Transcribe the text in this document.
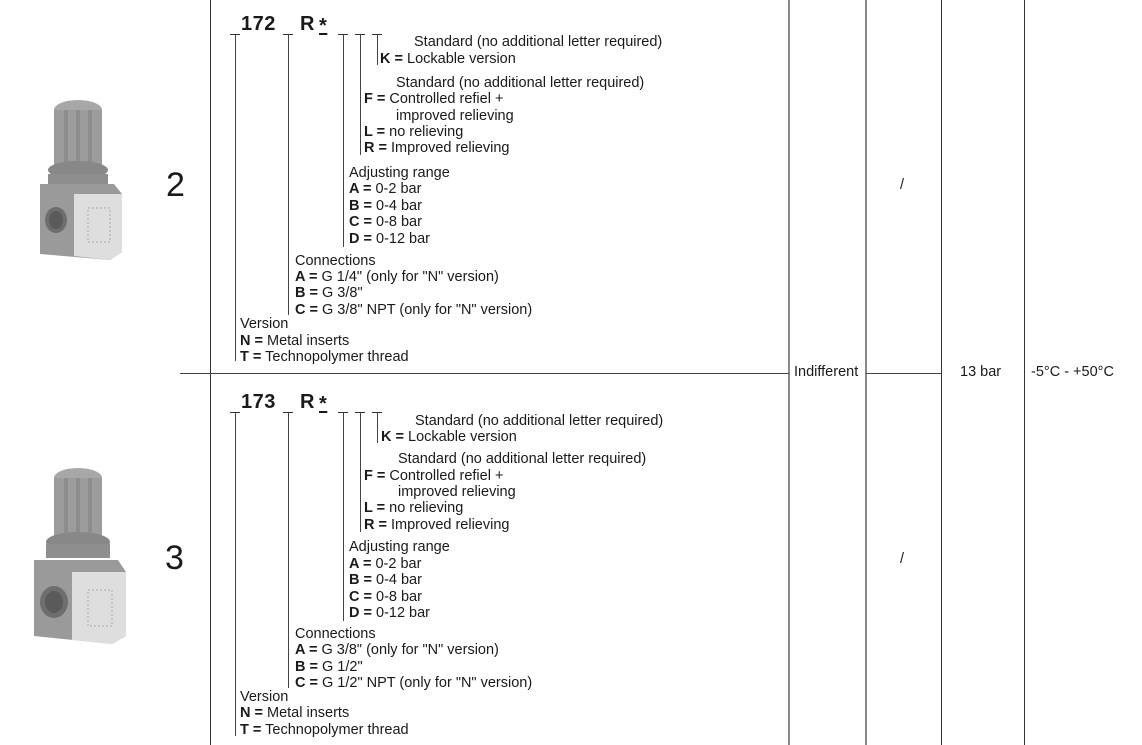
Indifferent	13 bar -5°C - +50°C
2
172 R *
Standard (no additional letter required)
K = Lockable version
Standard (no additional letter required)
F = Controlled refiel +
improved relieving
L = no relieving
R = Improved relieving
Adjusting range
A = 0-2 bar
B = 0-4 bar
C = 0-8 bar
D = 0-12 bar
Connections
A = G 1/4" (only for "N" version)
B = G 3/8"
C = G 3/8" NPT (only for "N" version)
Version
N = Metal inserts
T = Technopolymer thread
/
3
173 R *
Standard (no additional letter required)
K = Lockable version
Standard (no additional letter required)
F = Controlled refiel +
improved relieving
L = no relieving
R = Improved relieving
Adjusting range
A = 0-2 bar
B = 0-4 bar
C = 0-8 bar
D = 0-12 bar
Connections
A = G 3/8" (only for "N" version)
B = G 1/2"
C = G 1/2" NPT (only for "N" version)
Version
N = Metal inserts
T = Technopolymer thread
/
